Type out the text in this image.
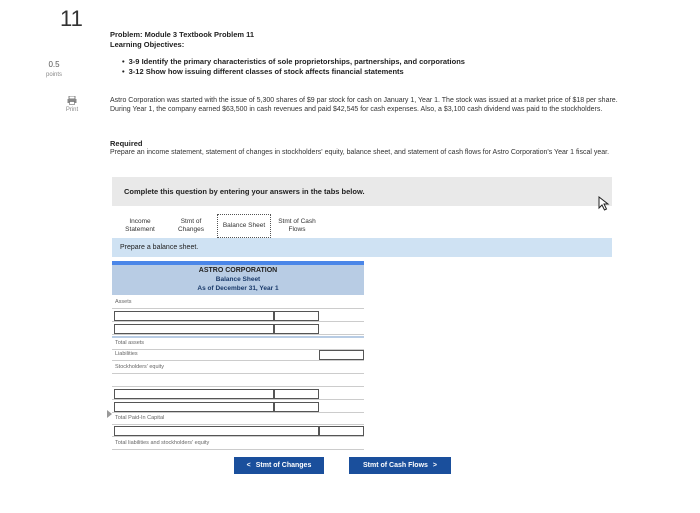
11
0.5
points
Print
Problem: Module 3 Textbook Problem 11
Learning Objectives:
• 3-9 Identify the primary characteristics of sole proprietorships, partnerships, and corporations
• 3-12 Show how issuing different classes of stock affects financial statements
Astro Corporation was started with the issue of 5,300 shares of $9 par stock for cash on January 1, Year 1. The stock was issued at a market price of $18 per share. During Year 1, the company earned $63,500 in cash revenues and paid $42,545 for cash expenses. Also, a $3,100 cash dividend was paid to the stockholders.
Required
Prepare an income statement, statement of changes in stockholders' equity, balance sheet, and statement of cash flows for Astro Corporation's Year 1 fiscal year.
Complete this question by entering your answers in the tabs below.
Income Statement
Stmt of Changes
Balance Sheet
Stmt of Cash Flows
Prepare a balance sheet.
ASTRO CORPORATION
Balance Sheet
As of December 31, Year 1
Assets
Total assets
Liabilities
Stockholders' equity
Total Paid-In Capital
Total liabilities and stockholders' equity
< Stmt of Changes	Stmt of Cash Flows >
